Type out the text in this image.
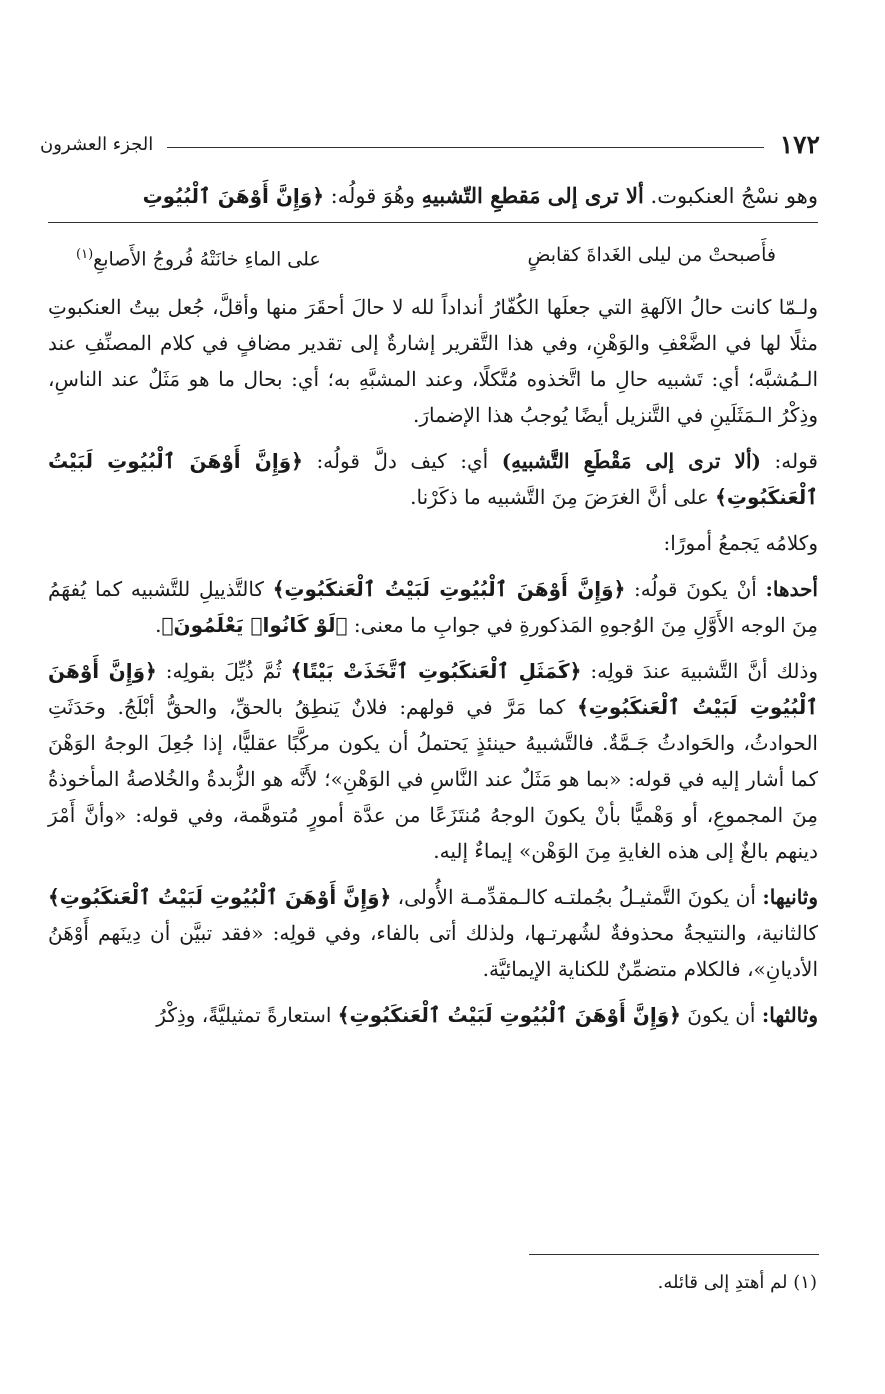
١٧٢
الجزء العشرون

وهو نسْجُ العنكبوت. ألا ترى إلى مَقطعِ التّشبيهِ وهُوَ قولُه: ﴿وَإِنَّ أَوْهَنَ ٱلْبُيُوتِ

فأَصبحتْ من ليلى الغَداةَ كقابضٍ
على الماءِ خانَتْهُ فُروجُ الأَصابعِ$^{(١)}$

ولـمّا كانت حالُ الآلهةِ التي جعلَها الكُفّارُ أنداداً لله لا حالَ أحقَرَ منها وأقلَّ، جُعل بيتُ العنكبوتِ مثلًا لها في الضَّعْفِ والوَهْنِ، وفي هذا التَّقرير إشارةٌ إلى تقدير مضافٍ في كلام المصنِّفِ عند الـمُشبَّه؛ أي: تَشبيه حالِ ما اتَّخذوه مُتَّكلًا، وعند المشبَّهِ به؛ أي: بحال ما هو مَثَلٌ عند الناسِ، وذِكْرُ الـمَثَلَينِ في التَّنزيل أيضًا يُوجبُ هذا الإضمارَ.

قوله: (ألا ترى إلى مَقْطَعِ التَّشبيهِ) أي: كيف دلَّ قولُه: ﴿وَإِنَّ أَوْهَنَ ٱلْبُيُوتِ لَبَيْتُ ٱلْعَنكَبُوتِ﴾ على أنَّ الغرَضَ مِنَ التَّشبيه ما ذكَرْنا.

وكلامُه يَجمعُ أمورًا:

أحدها: أنْ يكونَ قولُه: ﴿وَإِنَّ أَوْهَنَ ٱلْبُيُوتِ لَبَيْتُ ٱلْعَنكَبُوتِ﴾ كالتَّذييلِ للتَّشبيه كما يُفهَمُ مِنَ الوجه الأَوَّلِ مِنَ الوُجوهِ المَذكورةِ في جوابِ ما معنى: ﴿لَوْ كَانُوا۟ يَعْلَمُونَ﴾.

وذلك أنَّ التَّشبيهَ عندَ قولِه: ﴿كَمَثَلِ ٱلْعَنكَبُوتِ ٱتَّخَذَتْ بَيْتًا﴾ ثُمَّ ذُيِّلَ بقولِه: ﴿وَإِنَّ أَوْهَنَ ٱلْبُيُوتِ لَبَيْتُ ٱلْعَنكَبُوتِ﴾ كما مَرَّ في قولهم: فلانٌ يَنطِقُ بالحقِّ، والحقُّ أبْلَجُ. وحَدَثَتِ الحوادثُ، والحَوادثُ جَـمَّةٌ. فالتَّشبيهُ حينئذٍ يَحتملُ أن يكون مركَّبًا عقليًّا، إذا جُعِلَ الوجهُ الوَهْنَ كما أشار إليه في قوله: «بما هو مَثَلٌ عند النَّاسِ في الوَهْنِ»؛ لأَنَّه هو الزُّبدةُ والخُلاصةُ المأخوذةُ مِنَ المجموعِ، أو وَهْميًّا بأنْ يكونَ الوجهُ مُنتَزَعًا من عدَّة أمورٍ مُتوهَّمة، وفي قوله: «وأنَّ أَمْرَ دينهم بالغٌ إلى هذه الغايةِ مِنَ الوَهْن» إيماءٌ إليه.

وثانيها: أن يكونَ التَّمثيـلُ بجُملتـه كالـمقدِّمـة الأُولى، ﴿وَإِنَّ أَوْهَنَ ٱلْبُيُوتِ لَبَيْتُ ٱلْعَنكَبُوتِ﴾ كالثانية، والنتيجةُ محذوفةٌ لشُهرتـها، ولذلك أتى بالفاء، وفي قولِه: «فقد تبيَّن أن دِينَهم أَوْهَنُ الأديانِ»، فالكلام متضمِّنٌ للكناية الإيمائيَّة.

وثالثها: أن يكونَ ﴿وَإِنَّ أَوْهَنَ ٱلْبُيُوتِ لَبَيْتُ ٱلْعَنكَبُوتِ﴾ استعارةً تمثيليَّةً، وذِكْرُ

(١) لم أهتدِ إلى قائله.
